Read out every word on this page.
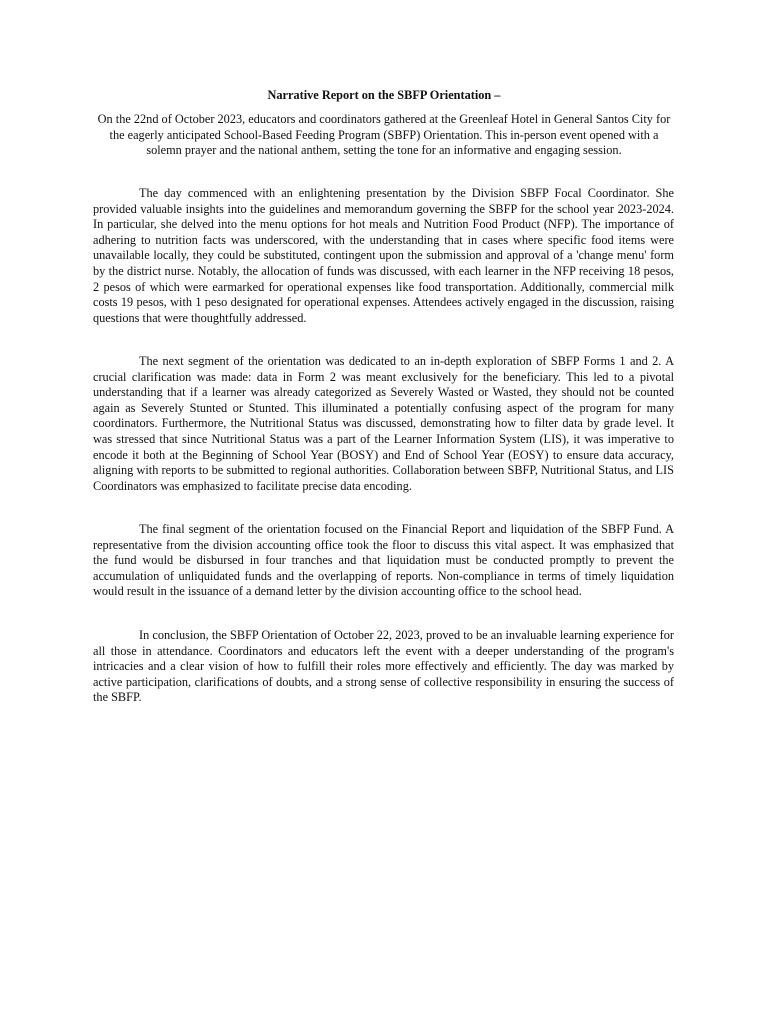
Narrative Report on the SBFP Orientation –

On the 22nd of October 2023, educators and coordinators gathered at the Greenleaf Hotel in General Santos City for the eagerly anticipated School-Based Feeding Program (SBFP) Orientation. This in-person event opened with a solemn prayer and the national anthem, setting the tone for an informative and engaging session.

The day commenced with an enlightening presentation by the Division SBFP Focal Coordinator. She provided valuable insights into the guidelines and memorandum governing the SBFP for the school year 2023-2024. In particular, she delved into the menu options for hot meals and Nutrition Food Product (NFP). The importance of adhering to nutrition facts was underscored, with the understanding that in cases where specific food items were unavailable locally, they could be substituted, contingent upon the submission and approval of a 'change menu' form by the district nurse. Notably, the allocation of funds was discussed, with each learner in the NFP receiving 18 pesos, 2 pesos of which were earmarked for operational expenses like food transportation. Additionally, commercial milk costs 19 pesos, with 1 peso designated for operational expenses. Attendees actively engaged in the discussion, raising questions that were thoughtfully addressed.

The next segment of the orientation was dedicated to an in-depth exploration of SBFP Forms 1 and 2. A crucial clarification was made: data in Form 2 was meant exclusively for the beneficiary. This led to a pivotal understanding that if a learner was already categorized as Severely Wasted or Wasted, they should not be counted again as Severely Stunted or Stunted. This illuminated a potentially confusing aspect of the program for many coordinators. Furthermore, the Nutritional Status was discussed, demonstrating how to filter data by grade level. It was stressed that since Nutritional Status was a part of the Learner Information System (LIS), it was imperative to encode it both at the Beginning of School Year (BOSY) and End of School Year (EOSY) to ensure data accuracy, aligning with reports to be submitted to regional authorities. Collaboration between SBFP, Nutritional Status, and LIS Coordinators was emphasized to facilitate precise data encoding.

The final segment of the orientation focused on the Financial Report and liquidation of the SBFP Fund. A representative from the division accounting office took the floor to discuss this vital aspect. It was emphasized that the fund would be disbursed in four tranches and that liquidation must be conducted promptly to prevent the accumulation of unliquidated funds and the overlapping of reports. Non-compliance in terms of timely liquidation would result in the issuance of a demand letter by the division accounting office to the school head.

In conclusion, the SBFP Orientation of October 22, 2023, proved to be an invaluable learning experience for all those in attendance. Coordinators and educators left the event with a deeper understanding of the program's intricacies and a clear vision of how to fulfill their roles more effectively and efficiently. The day was marked by active participation, clarifications of doubts, and a strong sense of collective responsibility in ensuring the success of the SBFP.
